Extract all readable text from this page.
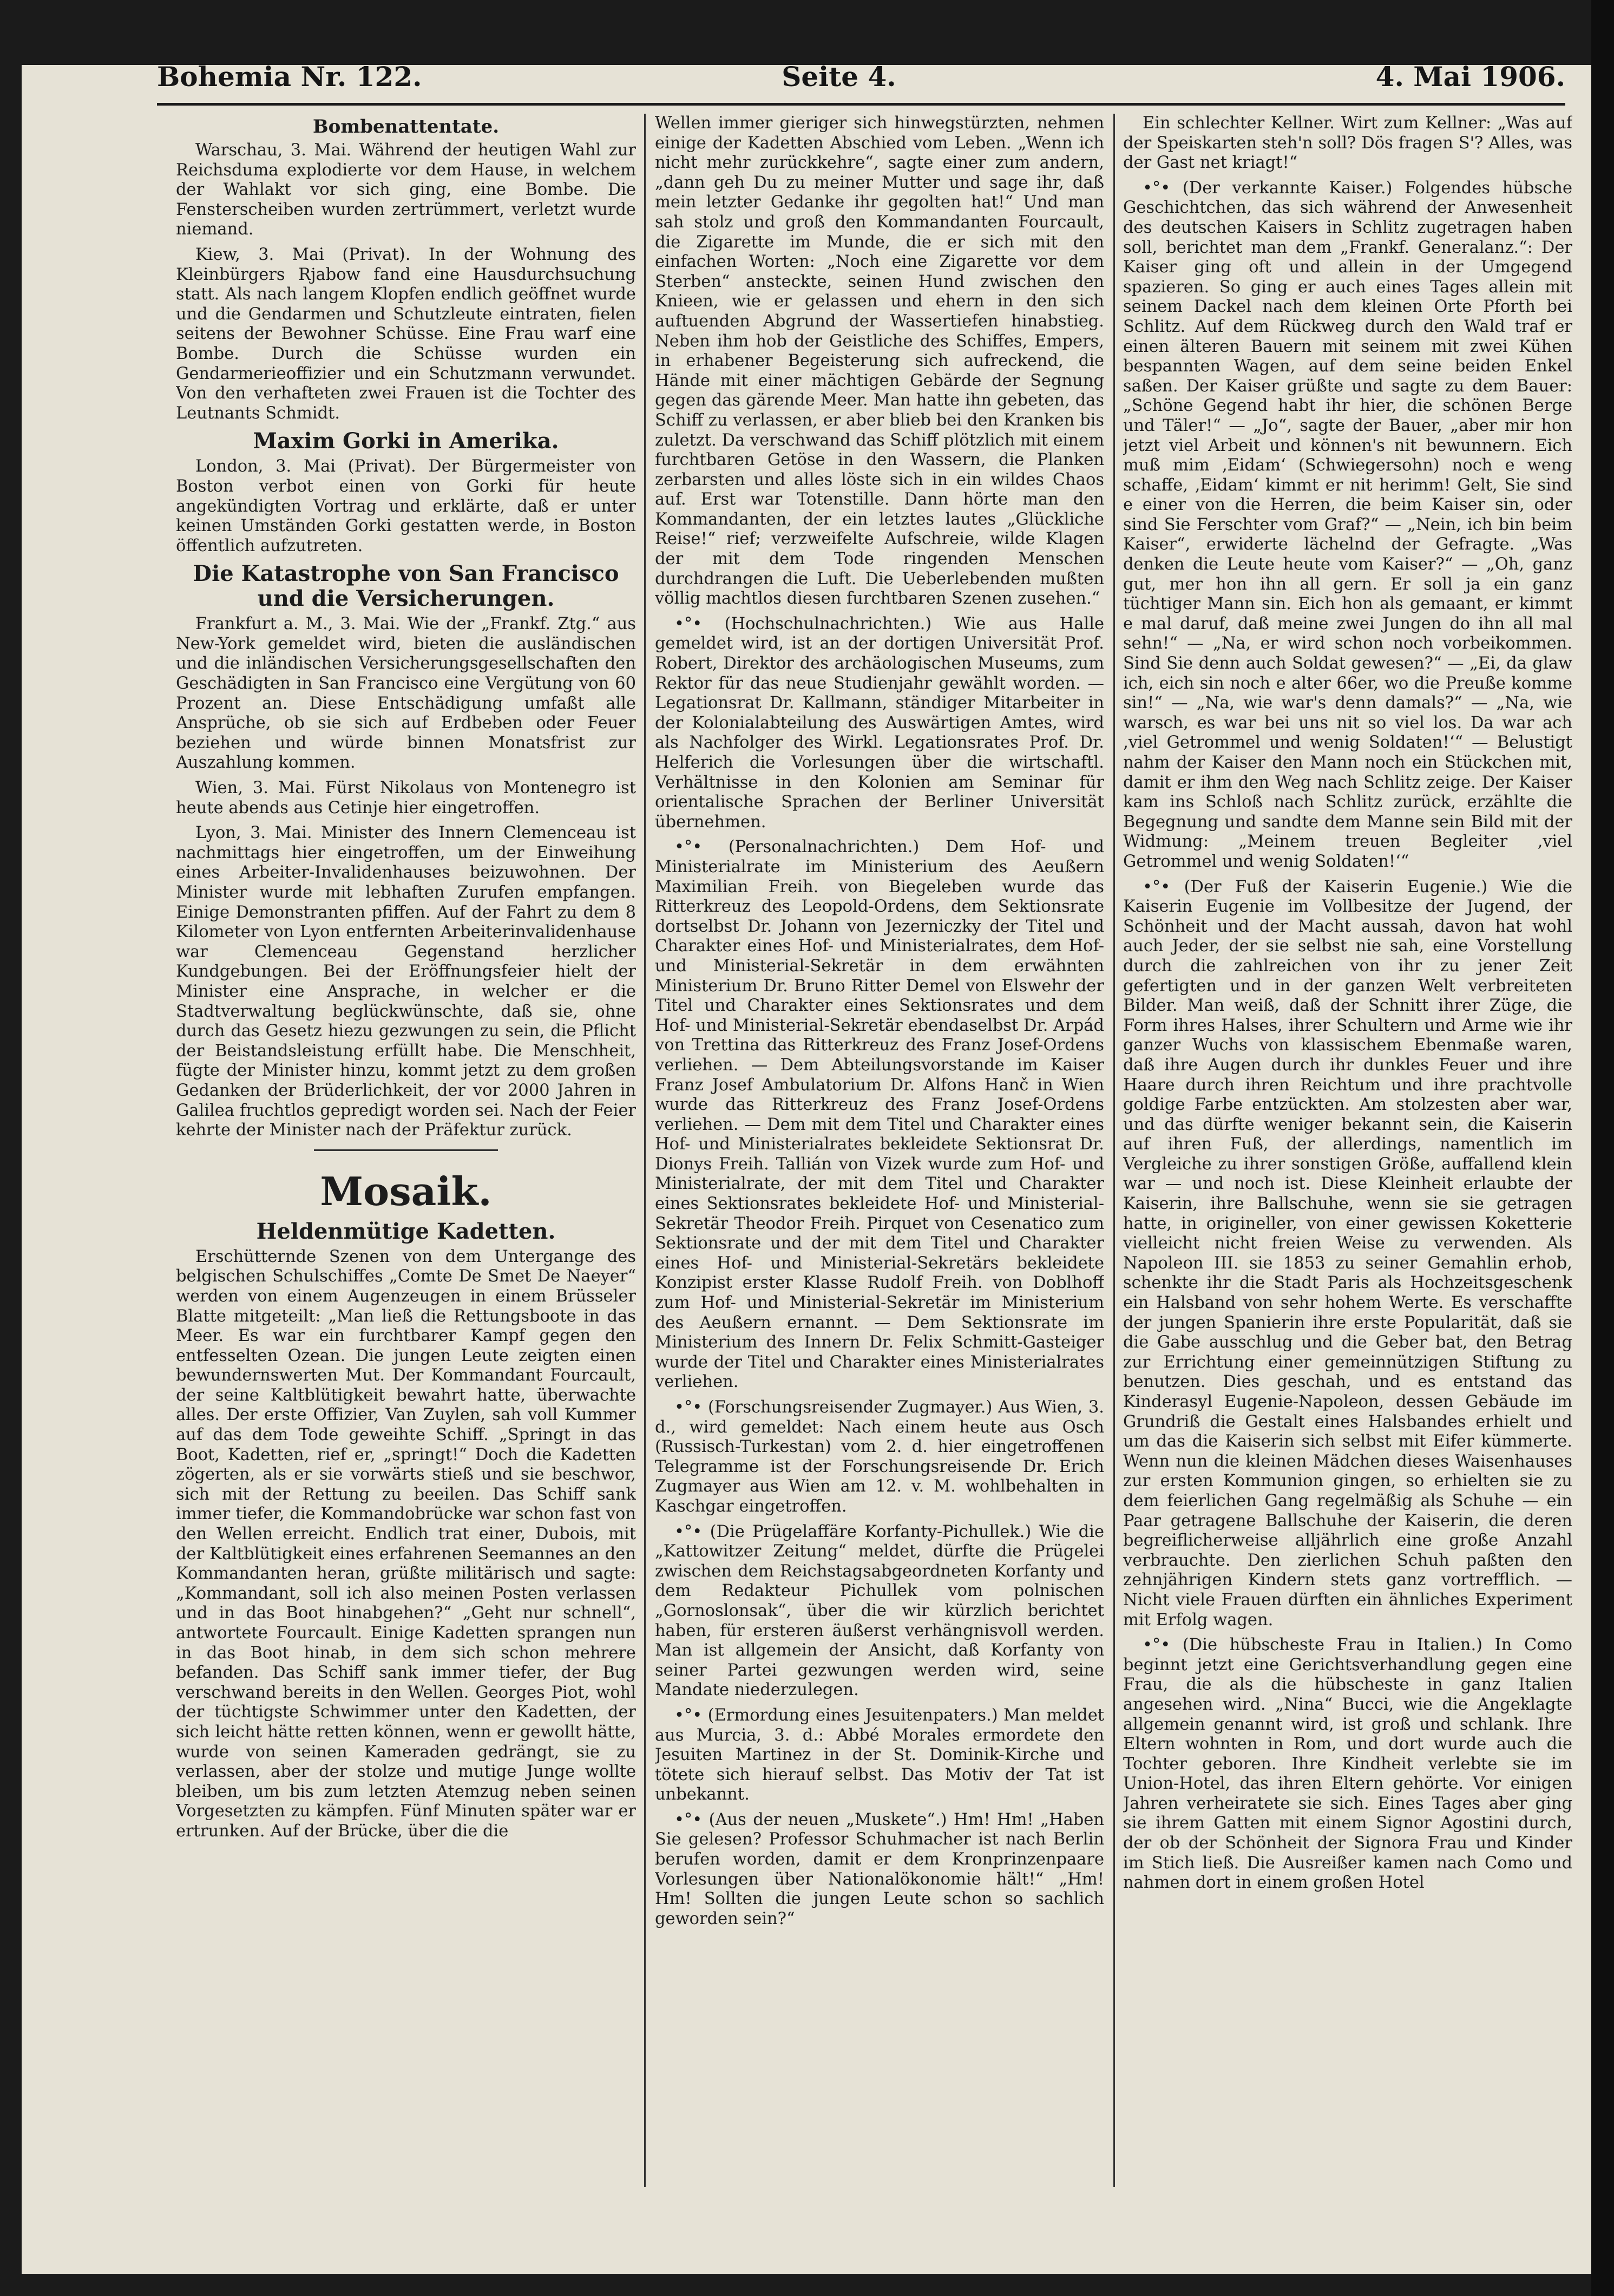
Bohemia Nr. 122.	Seite 4.	4. Mai 1906.
Bombenattentate.

Warschau, 3. Mai. Während der heutigen Wahl zur Reichsduma explodierte vor dem Hause, in welchem der Wahlakt vor sich ging, eine Bombe. Die Fensterscheiben wurden zertrümmert, verletzt wurde niemand.

Kiew, 3. Mai (Privat). In der Wohnung des Kleinbürgers Rjabow fand eine Hausdurchsuchung statt. Als nach langem Klopfen endlich geöffnet wurde und die Gendarmen und Schutzleute eintraten, fielen seitens der Bewohner Schüsse. Eine Frau warf eine Bombe. Durch die Schüsse wurden ein Gendarmerieoffizier und ein Schutzmann verwundet. Von den verhafteten zwei Frauen ist die Tochter des Leutnants Schmidt.

Maxim Gorki in Amerika.

London, 3. Mai (Privat). Der Bürgermeister von Boston verbot einen von Gorki für heute angekündigten Vortrag und erklärte, daß er unter keinen Umständen Gorki gestatten werde, in Boston öffentlich aufzutreten.

Die Katastrophe von San Francisco und die Versicherungen.

Frankfurt a. M., 3. Mai. Wie der „Frankf. Ztg.“ aus New-York gemeldet wird, bieten die ausländischen und die inländischen Versicherungsgesellschaften den Geschädigten in San Francisco eine Vergütung von 60 Prozent an. Diese Entschädigung umfaßt alle Ansprüche, ob sie sich auf Erdbeben oder Feuer beziehen und würde binnen Monatsfrist zur Auszahlung kommen.

Wien, 3. Mai. Fürst Nikolaus von Montenegro ist heute abends aus Cetinje hier eingetroffen.

Lyon, 3. Mai. Minister des Innern Clemenceau ist nachmittags hier eingetroffen, um der Einweihung eines Arbeiter-Invalidenhauses beizuwohnen. Der Minister wurde mit lebhaften Zurufen empfangen. Einige Demonstranten pfiffen. Auf der Fahrt zu dem 8 Kilometer von Lyon entfernten Arbeiterinvalidenhause war Clemenceau Gegenstand herzlicher Kundgebungen. Bei der Eröffnungsfeier hielt der Minister eine Ansprache, in welcher er die Stadtverwaltung beglückwünschte, daß sie, ohne durch das Gesetz hiezu gezwungen zu sein, die Pflicht der Beistandsleistung erfüllt habe. Die Menschheit, fügte der Minister hinzu, kommt jetzt zu dem großen Gedanken der Brüderlichkeit, der vor 2000 Jahren in Galilea fruchtlos gepredigt worden sei. Nach der Feier kehrte der Minister nach der Präfektur zurück.

Mosaik.
Heldenmütige Kadetten.

Erschütternde Szenen von dem Untergange des belgischen Schulschiffes „Comte De Smet De Naeyer“ werden von einem Augenzeugen in einem Brüsseler Blatte mitgeteilt: „Man ließ die Rettungsboote in das Meer. Es war ein furchtbarer Kampf gegen den entfesselten Ozean. Die jungen Leute zeigten einen bewundernswerten Mut. Der Kommandant Fourcault, der seine Kaltblütigkeit bewahrt hatte, überwachte alles. Der erste Offizier, Van Zuylen, sah voll Kummer auf das dem Tode geweihte Schiff. „Springt in das Boot, Kadetten, rief er, „springt!“ Doch die Kadetten zögerten, als er sie vorwärts stieß und sie beschwor, sich mit der Rettung zu beeilen. Das Schiff sank immer tiefer, die Kommandobrücke war schon fast von den Wellen erreicht. Endlich trat einer, Dubois, mit der Kaltblütigkeit eines erfahrenen Seemannes an den Kommandanten heran, grüßte militärisch und sagte: „Kommandant, soll ich also meinen Posten verlassen und in das Boot hinabgehen?“ „Geht nur schnell“, antwortete Fourcault. Einige Kadetten sprangen nun in das Boot hinab, in dem sich schon mehrere befanden. Das Schiff sank immer tiefer, der Bug verschwand bereits in den Wellen. Georges Piot, wohl der tüchtigste Schwimmer unter den Kadetten, der sich leicht hätte retten können, wenn er gewollt hätte, wurde von seinen Kameraden gedrängt, sie zu verlassen, aber der stolze und mutige Junge wollte bleiben, um bis zum letzten Atemzug neben seinen Vorgesetzten zu kämpfen. Fünf Minuten später war er ertrunken. Auf der Brücke, über die die

Wellen immer gieriger sich hinwegstürzten, nehmen einige der Kadetten Abschied vom Leben. „Wenn ich nicht mehr zurückkehre“, sagte einer zum andern, „dann geh Du zu meiner Mutter und sage ihr, daß mein letzter Gedanke ihr gegolten hat!“ Und man sah stolz und groß den Kommandanten Fourcault, die Zigarette im Munde, die er sich mit den einfachen Worten: „Noch eine Zigarette vor dem Sterben“ ansteckte, seinen Hund zwischen den Knieen, wie er gelassen und ehern in den sich auftuenden Abgrund der Wassertiefen hinabstieg. Neben ihm hob der Geistliche des Schiffes, Empers, in erhabener Begeisterung sich aufreckend, die Hände mit einer mächtigen Gebärde der Segnung gegen das gärende Meer. Man hatte ihn gebeten, das Schiff zu verlassen, er aber blieb bei den Kranken bis zuletzt. Da verschwand das Schiff plötzlich mit einem furchtbaren Getöse in den Wassern, die Planken zerbarsten und alles löste sich in ein wildes Chaos auf. Erst war Totenstille. Dann hörte man den Kommandanten, der ein letztes lautes „Glückliche Reise!“ rief; verzweifelte Aufschreie, wilde Klagen der mit dem Tode ringenden Menschen durchdrangen die Luft. Die Ueberlebenden mußten völlig machtlos diesen furchtbaren Szenen zusehen.“

•°• (Hochschulnachrichten.) Wie aus Halle gemeldet wird, ist an der dortigen Universität Prof. Robert, Direktor des archäologischen Museums, zum Rektor für das neue Studienjahr gewählt worden. — Legationsrat Dr. Kallmann, ständiger Mitarbeiter in der Kolonialabteilung des Auswärtigen Amtes, wird als Nachfolger des Wirkl. Legationsrates Prof. Dr. Helferich die Vorlesungen über die wirtschaftl. Verhältnisse in den Kolonien am Seminar für orientalische Sprachen der Berliner Universität übernehmen.

•°• (Personalnachrichten.) Dem Hof- und Ministerialrate im Ministerium des Aeußern Maximilian Freih. von Biegeleben wurde das Ritterkreuz des Leopold-Ordens, dem Sektionsrate dortselbst Dr. Johann von Jezerniczky der Titel und Charakter eines Hof- und Ministerialrates, dem Hof- und Ministerial-Sekretär in dem erwähnten Ministerium Dr. Bruno Ritter Demel von Elswehr der Titel und Charakter eines Sektionsrates und dem Hof- und Ministerial-Sekretär ebendaselbst Dr. Arpád von Trettina das Ritterkreuz des Franz Josef-Ordens verliehen. — Dem Abteilungsvorstande im Kaiser Franz Josef Ambulatorium Dr. Alfons Hanč in Wien wurde das Ritterkreuz des Franz Josef-Ordens verliehen. — Dem mit dem Titel und Charakter eines Hof- und Ministerialrates bekleidete Sektionsrat Dr. Dionys Freih. Tallián von Vizek wurde zum Hof- und Ministerialrate, der mit dem Titel und Charakter eines Sektionsrates bekleidete Hof- und Ministerial-Sekretär Theodor Freih. Pirquet von Cesenatico zum Sektionsrate und der mit dem Titel und Charakter eines Hof- und Ministerial-Sekretärs bekleidete Konzipist erster Klasse Rudolf Freih. von Doblhoff zum Hof- und Ministerial-Sekretär im Ministerium des Aeußern ernannt. — Dem Sektionsrate im Ministerium des Innern Dr. Felix Schmitt-Gasteiger wurde der Titel und Charakter eines Ministerialrates verliehen.

•°• (Forschungsreisender Zugmayer.) Aus Wien, 3. d., wird gemeldet: Nach einem heute aus Osch (Russisch-Turkestan) vom 2. d. hier eingetroffenen Telegramme ist der Forschungsreisende Dr. Erich Zugmayer aus Wien am 12. v. M. wohlbehalten in Kaschgar eingetroffen.

•°• (Die Prügelaffäre Korfanty-Pichullek.) Wie die „Kattowitzer Zeitung“ meldet, dürfte die Prügelei zwischen dem Reichstagsabgeordneten Korfanty und dem Redakteur Pichullek vom polnischen „Gornoslonsak“, über die wir kürzlich berichtet haben, für ersteren äußerst verhängnisvoll werden. Man ist allgemein der Ansicht, daß Korfanty von seiner Partei gezwungen werden wird, seine Mandate niederzulegen.

•°• (Ermordung eines Jesuitenpaters.) Man meldet aus Murcia, 3. d.: Abbé Morales ermordete den Jesuiten Martinez in der St. Dominik-Kirche und tötete sich hierauf selbst. Das Motiv der Tat ist unbekannt.

•°• (Aus der neuen „Muskete“.) Hm! Hm! „Haben Sie gelesen? Professor Schuhmacher ist nach Berlin berufen worden, damit er dem Kronprinzenpaare Vorlesungen über Nationalökonomie hält!“ „Hm! Hm! Sollten die jungen Leute schon so sachlich geworden sein?“

Ein schlechter Kellner. Wirt zum Kellner: „Was auf der Speiskarten steh'n soll? Dös fragen S'? Alles, was der Gast net kriagt!“

•°• (Der verkannte Kaiser.) Folgendes hübsche Geschichtchen, das sich während der Anwesenheit des deutschen Kaisers in Schlitz zugetragen haben soll, berichtet man dem „Frankf. Generalanz.“: Der Kaiser ging oft und allein in der Umgegend spazieren. So ging er auch eines Tages allein mit seinem Dackel nach dem kleinen Orte Pforth bei Schlitz. Auf dem Rückweg durch den Wald traf er einen älteren Bauern mit seinem mit zwei Kühen bespannten Wagen, auf dem seine beiden Enkel saßen. Der Kaiser grüßte und sagte zu dem Bauer: „Schöne Gegend habt ihr hier, die schönen Berge und Täler!“ — „Jo“, sagte der Bauer, „aber mir hon jetzt viel Arbeit und können's nit bewunnern. Eich muß mim ‚Eidam‘ (Schwiegersohn) noch e weng schaffe, ‚Eidam‘ kimmt er nit herimm! Gelt, Sie sind e einer von die Herren, die beim Kaiser sin, oder sind Sie Ferschter vom Graf?“ — „Nein, ich bin beim Kaiser“, erwiderte lächelnd der Gefragte. „Was denken die Leute heute vom Kaiser?“ — „Oh, ganz gut, mer hon ihn all gern. Er soll ja ein ganz tüchtiger Mann sin. Eich hon als gemaant, er kimmt e mal daruf, daß meine zwei Jungen do ihn all mal sehn!“ — „Na, er wird schon noch vorbeikommen. Sind Sie denn auch Soldat gewesen?“ — „Ei, da glaw ich, eich sin noch e alter 66er, wo die Preuße komme sin!“ — „Na, wie war's denn damals?“ — „Na, wie warsch, es war bei uns nit so viel los. Da war ach ‚viel Getrommel und wenig Soldaten!‘“ — Belustigt nahm der Kaiser den Mann noch ein Stückchen mit, damit er ihm den Weg nach Schlitz zeige. Der Kaiser kam ins Schloß nach Schlitz zurück, erzählte die Begegnung und sandte dem Manne sein Bild mit der Widmung: „Meinem treuen Begleiter ‚viel Getrommel und wenig Soldaten!‘“

•°• (Der Fuß der Kaiserin Eugenie.) Wie die Kaiserin Eugenie im Vollbesitze der Jugend, der Schönheit und der Macht aussah, davon hat wohl auch Jeder, der sie selbst nie sah, eine Vorstellung durch die zahlreichen von ihr zu jener Zeit gefertigten und in der ganzen Welt verbreiteten Bilder. Man weiß, daß der Schnitt ihrer Züge, die Form ihres Halses, ihrer Schultern und Arme wie ihr ganzer Wuchs von klassischem Ebenmaße waren, daß ihre Augen durch ihr dunkles Feuer und ihre Haare durch ihren Reichtum und ihre prachtvolle goldige Farbe entzückten. Am stolzesten aber war, und das dürfte weniger bekannt sein, die Kaiserin auf ihren Fuß, der allerdings, namentlich im Vergleiche zu ihrer sonstigen Größe, auffallend klein war — und noch ist. Diese Kleinheit erlaubte der Kaiserin, ihre Ballschuhe, wenn sie sie getragen hatte, in origineller, von einer gewissen Koketterie vielleicht nicht freien Weise zu verwenden. Als Napoleon III. sie 1853 zu seiner Gemahlin erhob, schenkte ihr die Stadt Paris als Hochzeitsgeschenk ein Halsband von sehr hohem Werte. Es verschaffte der jungen Spanierin ihre erste Popularität, daß sie die Gabe ausschlug und die Geber bat, den Betrag zur Errichtung einer gemeinnützigen Stiftung zu benutzen. Dies geschah, und es entstand das Kinderasyl Eugenie-Napoleon, dessen Gebäude im Grundriß die Gestalt eines Halsbandes erhielt und um das die Kaiserin sich selbst mit Eifer kümmerte. Wenn nun die kleinen Mädchen dieses Waisenhauses zur ersten Kommunion gingen, so erhielten sie zu dem feierlichen Gang regelmäßig als Schuhe — ein Paar getragene Ballschuhe der Kaiserin, die deren begreiflicherweise alljährlich eine große Anzahl verbrauchte. Den zierlichen Schuh paßten den zehnjährigen Kindern stets ganz vortrefflich. — Nicht viele Frauen dürften ein ähnliches Experiment mit Erfolg wagen.

•°• (Die hübscheste Frau in Italien.) In Como beginnt jetzt eine Gerichtsverhandlung gegen eine Frau, die als die hübscheste in ganz Italien angesehen wird. „Nina“ Bucci, wie die Angeklagte allgemein genannt wird, ist groß und schlank. Ihre Eltern wohnten in Rom, und dort wurde auch die Tochter geboren. Ihre Kindheit verlebte sie im Union-Hotel, das ihren Eltern gehörte. Vor einigen Jahren verheiratete sie sich. Eines Tages aber ging sie ihrem Gatten mit einem Signor Agostini durch, der ob der Schönheit der Signora Frau und Kinder im Stich ließ. Die Ausreißer kamen nach Como und nahmen dort in einem großen Hotel
